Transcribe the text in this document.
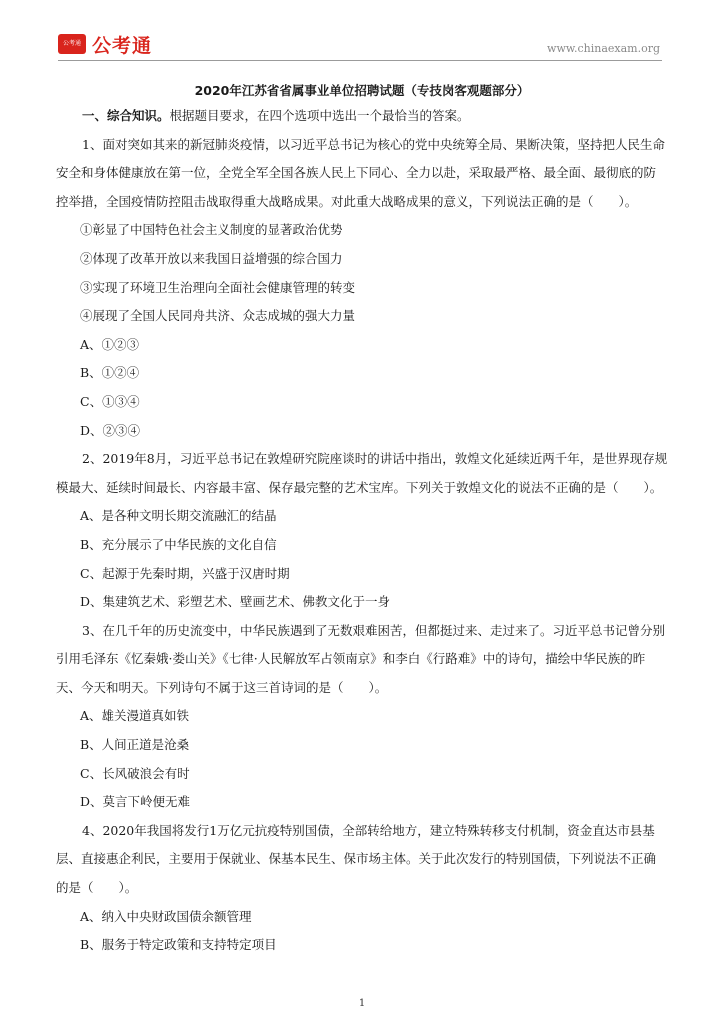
公考通 公考通	www.chinaexam.org
2020年江苏省省属事业单位招聘试题（专技岗客观题部分）

一、综合知识。根据题目要求，在四个选项中选出一个最恰当的答案。

1、面对突如其来的新冠肺炎疫情，以习近平总书记为核心的党中央统筹全局、果断决策，坚持把人民生命安全和身体健康放在第一位，全党全军全国各族人民上下同心、全力以赴，采取最严格、最全面、最彻底的防控举措，全国疫情防控阻击战取得重大战略成果。对此重大战略成果的意义，下列说法正确的是（　　）。

①彰显了中国特色社会主义制度的显著政治优势

②体现了改革开放以来我国日益增强的综合国力

③实现了环境卫生治理向全面社会健康管理的转变

④展现了全国人民同舟共济、众志成城的强大力量

A、①②③

B、①②④

C、①③④

D、②③④

2、2019年8月，习近平总书记在敦煌研究院座谈时的讲话中指出，敦煌文化延续近两千年，是世界现存规模最大、延续时间最长、内容最丰富、保存最完整的艺术宝库。下列关于敦煌文化的说法不正确的是（　　）。

A、是各种文明长期交流融汇的结晶

B、充分展示了中华民族的文化自信

C、起源于先秦时期，兴盛于汉唐时期

D、集建筑艺术、彩塑艺术、壁画艺术、佛教文化于一身

3、在几千年的历史流变中，中华民族遇到了无数艰难困苦，但都挺过来、走过来了。习近平总书记曾分别引用毛泽东《忆秦娥·娄山关》《七律·人民解放军占领南京》和李白《行路难》中的诗句，描绘中华民族的昨天、今天和明天。下列诗句不属于这三首诗词的是（　　）。

A、雄关漫道真如铁

B、人间正道是沧桑

C、长风破浪会有时

D、莫言下岭便无难

4、2020年我国将发行1万亿元抗疫特别国债，全部转给地方，建立特殊转移支付机制，资金直达市县基层、直接惠企利民，主要用于保就业、保基本民生、保市场主体。关于此次发行的特别国债，下列说法不正确的是（　　）。

A、纳入中央财政国债余额管理

B、服务于特定政策和支持特定项目

1
